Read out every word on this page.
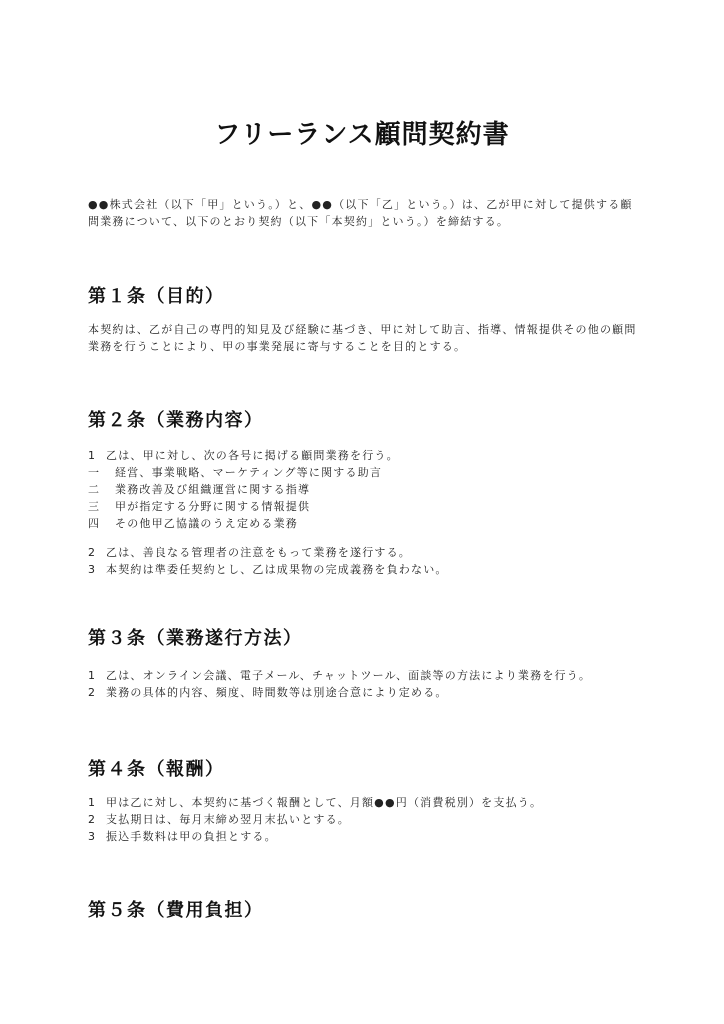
フリーランス顧問契約書
●●株式会社（以下「甲」という。）と、●●（以下「乙」という。）は、乙が甲に対して提供する顧
問業務について、以下のとおり契約（以下「本契約」という。）を締結する。
第１条（目的）
本契約は、乙が自己の専門的知見及び経験に基づき、甲に対して助言、指導、情報提供その他の顧問
業務を行うことにより、甲の事業発展に寄与することを目的とする。
第２条（業務内容）
1 乙は、甲に対し、次の各号に掲げる顧問業務を行う。
一	経営、事業戦略、マーケティング等に関する助言
二	業務改善及び組織運営に関する指導
三	甲が指定する分野に関する情報提供
四	その他甲乙協議のうえ定める業務
2 乙は、善良なる管理者の注意をもって業務を遂行する。
3 本契約は準委任契約とし、乙は成果物の完成義務を負わない。
第３条（業務遂行方法）
1 乙は、オンライン会議、電子メール、チャットツール、面談等の方法により業務を行う。
2 業務の具体的内容、頻度、時間数等は別途合意により定める。
第４条（報酬）
1 甲は乙に対し、本契約に基づく報酬として、月額●●円（消費税別）を支払う。
2 支払期日は、毎月末締め翌月末払いとする。
3 振込手数料は甲の負担とする。
第５条（費用負担）
